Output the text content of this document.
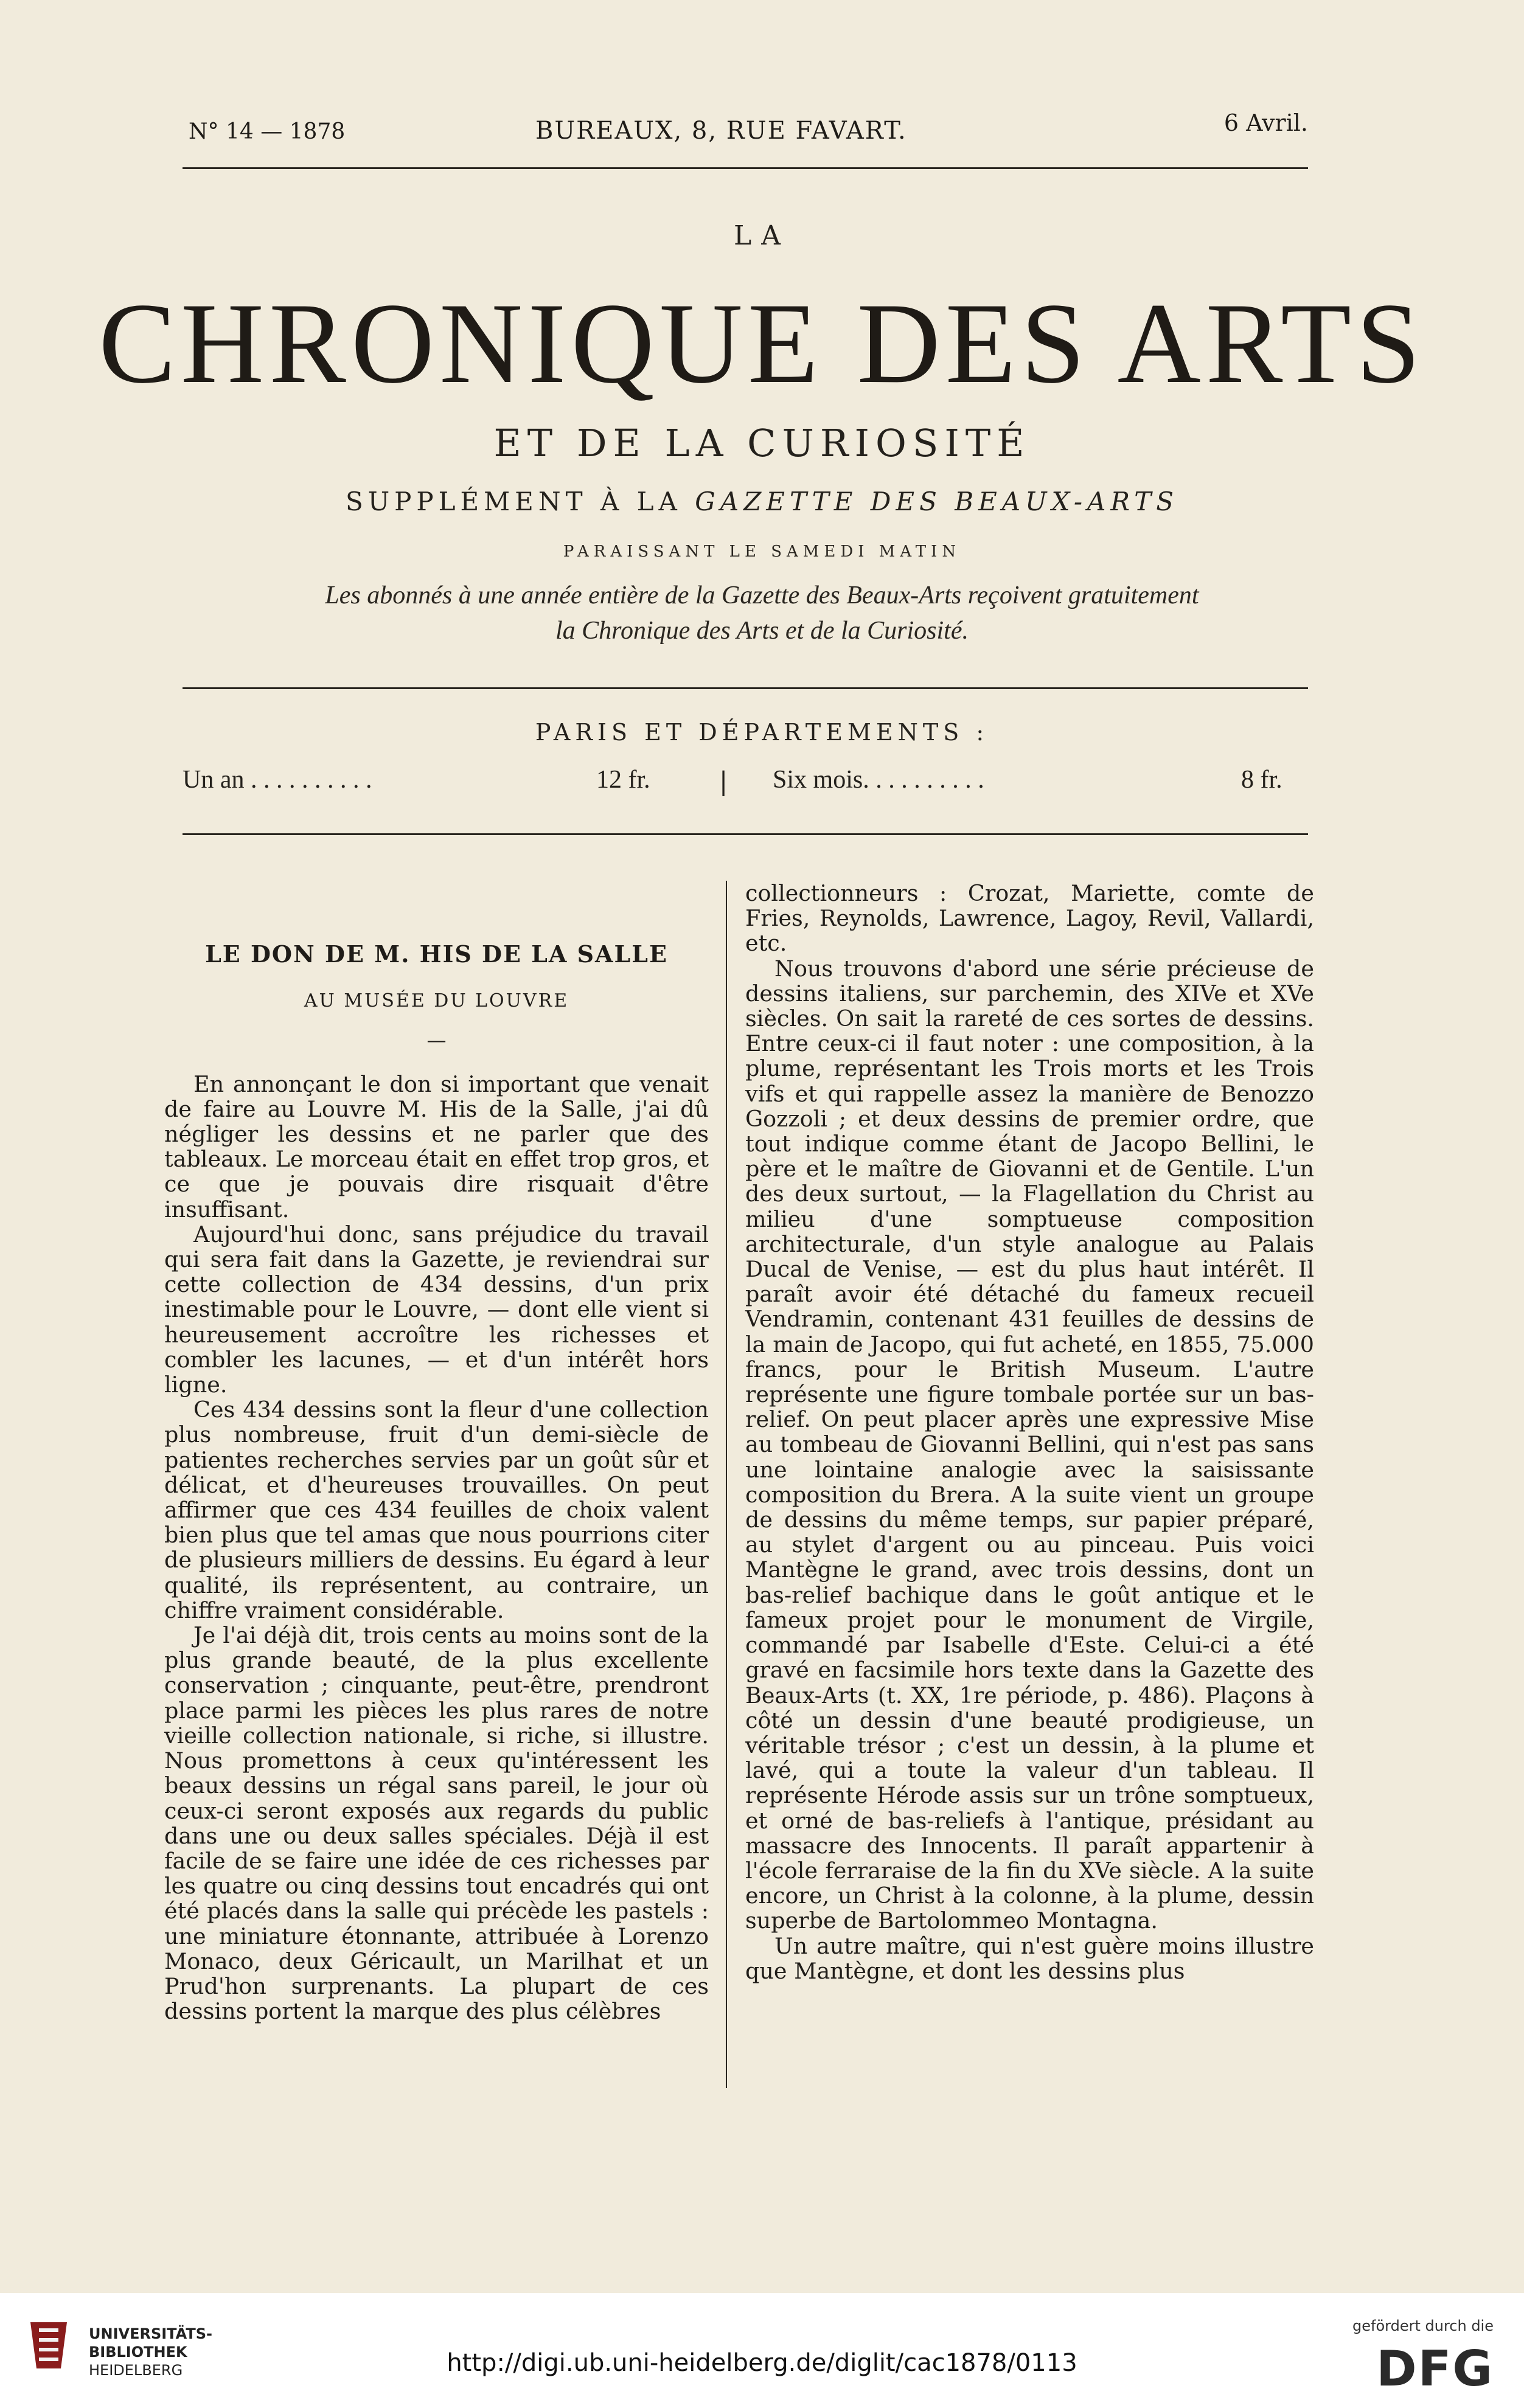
N° 14 — 1878	BUREAUX, 8, RUE FAVART.	6 Avril.
LA
CHRONIQUE DES ARTS
ET DE LA CURIOSITÉ
SUPPLÉMENT À LA GAZETTE DES BEAUX-ARTS
PARAISSANT LE SAMEDI MATIN
Les abonnés à une année entière de la Gazette des Beaux-Arts reçoivent gratuitement
la Chronique des Arts et de la Curiosité.
PARIS ET DÉPARTEMENTS :
Un an . . . . . . . . . .	12 fr.	| Six mois. . . . . . . . . .	8 fr.
LE DON DE M. HIS DE LA SALLE
AU MUSÉE DU LOUVRE
—

En annonçant le don si important que venait de faire au Louvre M. His de la Salle, j'ai dû négliger les dessins et ne parler que des tableaux. Le morceau était en effet trop gros, et ce que je pouvais dire risquait d'être insuffisant.

Aujourd'hui donc, sans préjudice du travail qui sera fait dans la Gazette, je reviendrai sur cette collection de 434 dessins, d'un prix inestimable pour le Louvre, — dont elle vient si heureusement accroître les richesses et combler les lacunes, — et d'un intérêt hors ligne.

Ces 434 dessins sont la fleur d'une collection plus nombreuse, fruit d'un demi-siècle de patientes recherches servies par un goût sûr et délicat, et d'heureuses trouvailles. On peut affirmer que ces 434 feuilles de choix valent bien plus que tel amas que nous pourrions citer de plusieurs milliers de dessins. Eu égard à leur qualité, ils représentent, au contraire, un chiffre vraiment considérable.

Je l'ai déjà dit, trois cents au moins sont de la plus grande beauté, de la plus excellente conservation ; cinquante, peut-être, prendront place parmi les pièces les plus rares de notre vieille collection nationale, si riche, si illustre. Nous promettons à ceux qu'intéressent les beaux dessins un régal sans pareil, le jour où ceux-ci seront exposés aux regards du public dans une ou deux salles spéciales. Déjà il est facile de se faire une idée de ces richesses par les quatre ou cinq dessins tout encadrés qui ont été placés dans la salle qui précède les pastels : une miniature étonnante, attribuée à Lorenzo Monaco, deux Géricault, un Marilhat et un Prud'hon surprenants. La plupart de ces dessins portent la marque des plus célèbres

collectionneurs : Crozat, Mariette, comte de Fries, Reynolds, Lawrence, Lagoy, Revil, Vallardi, etc.

Nous trouvons d'abord une série précieuse de dessins italiens, sur parchemin, des XIVe et XVe siècles. On sait la rareté de ces sortes de dessins. Entre ceux-ci il faut noter : une composition, à la plume, représentant les Trois morts et les Trois vifs et qui rappelle assez la manière de Benozzo Gozzoli ; et deux dessins de premier ordre, que tout indique comme étant de Jacopo Bellini, le père et le maître de Giovanni et de Gentile. L'un des deux surtout, — la Flagellation du Christ au milieu d'une somptueuse composition architecturale, d'un style analogue au Palais Ducal de Venise, — est du plus haut intérêt. Il paraît avoir été détaché du fameux recueil Vendramin, contenant 431 feuilles de dessins de la main de Jacopo, qui fut acheté, en 1855, 75.000 francs, pour le British Museum. L'autre représente une figure tombale portée sur un bas-relief. On peut placer après une expressive Mise au tombeau de Giovanni Bellini, qui n'est pas sans une lointaine analogie avec la saisissante composition du Brera. A la suite vient un groupe de dessins du même temps, sur papier préparé, au stylet d'argent ou au pinceau. Puis voici Mantègne le grand, avec trois dessins, dont un bas-relief bachique dans le goût antique et le fameux projet pour le monument de Virgile, commandé par Isabelle d'Este. Celui-ci a été gravé en facsimile hors texte dans la Gazette des Beaux-Arts (t. XX, 1re période, p. 486). Plaçons à côté un dessin d'une beauté prodigieuse, un véritable trésor ; c'est un dessin, à la plume et lavé, qui a toute la valeur d'un tableau. Il représente Hérode assis sur un trône somptueux, et orné de bas-reliefs à l'antique, présidant au massacre des Innocents. Il paraît appartenir à l'école ferraraise de la fin du XVe siècle. A la suite encore, un Christ à la colonne, à la plume, dessin superbe de Bartolommeo Montagna.

Un autre maître, qui n'est guère moins illustre que Mantègne, et dont les dessins plus

UNIVERSITÄTS-
BIBLIOTHEK
HEIDELBERG	http://digi.ub.uni-heidelberg.de/diglit/cac1878/0113
gefördert durch die
DFG
